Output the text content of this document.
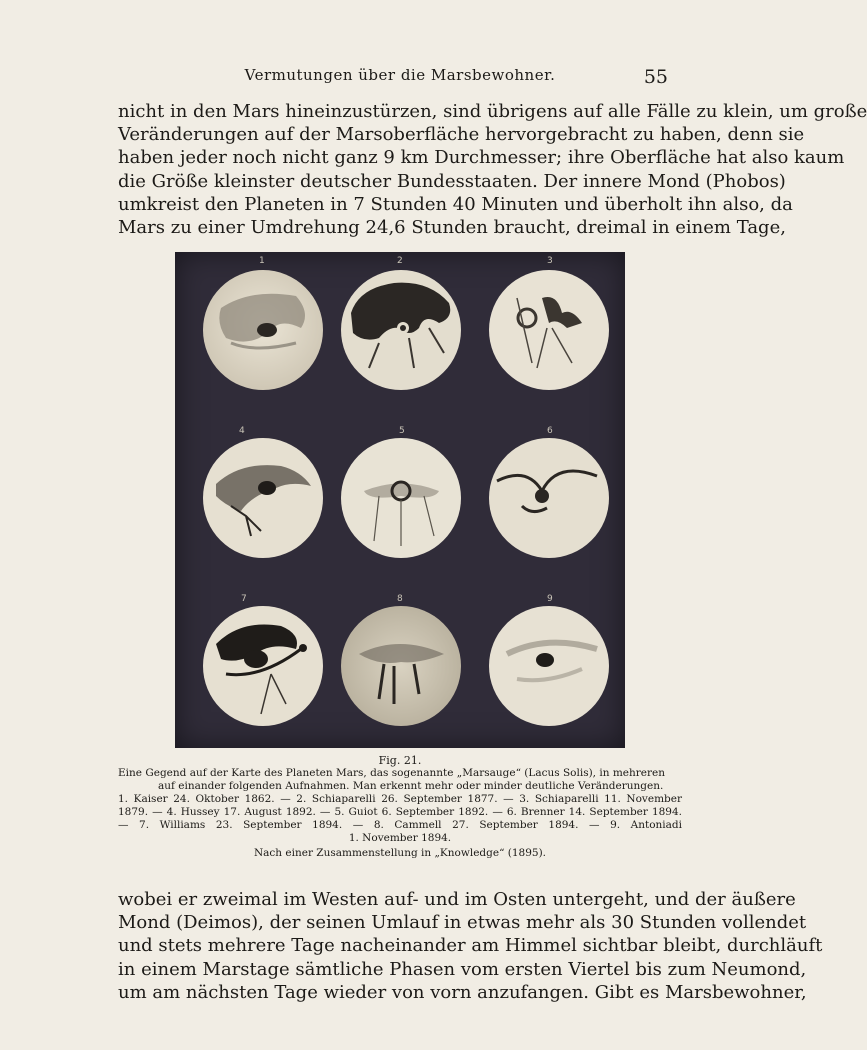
Vermutungen über die Marsbewohner.	55
nicht in den Mars hineinzustürzen, sind übrigens auf alle Fälle zu klein, um große
Veränderungen auf der Marsoberfläche hervorgebracht zu haben, denn sie
haben jeder noch nicht ganz 9 km Durchmesser; ihre Oberfläche hat also kaum
die Größe kleinster deutscher Bundesstaaten. Der innere Mond (Phobos)
umkreist den Planeten in 7 Stunden 40 Minuten und überholt ihn also, da
Mars zu einer Umdrehung 24,6 Stunden braucht, dreimal in einem Tage,
1	2	3
4	5	6
7	8	9
Fig. 21.
Eine Gegend auf der Karte des Planeten Mars, das sogenannte „Marsauge“ (Lacus Solis), in mehreren
auf einander folgenden Aufnahmen. Man erkennt mehr oder minder deutliche Veränderungen.
1. Kaiser 24. Oktober 1862. — 2. Schiaparelli 26. September 1877. — 3. Schiaparelli 11. November
1879. — 4. Hussey 17. August 1892. — 5. Guiot 6. September 1892. — 6. Brenner 14. September 1894.
— 7. Williams 23. September 1894. — 8. Cammell 27. September 1894. — 9. Antoniadi
1. November 1894.
Nach einer Zusammenstellung in „Knowledge“ (1895).
wobei er zweimal im Westen auf- und im Osten untergeht, und der äußere
Mond (Deimos), der seinen Umlauf in etwas mehr als 30 Stunden vollendet
und stets mehrere Tage nacheinander am Himmel sichtbar bleibt, durchläuft
in einem Marstage sämtliche Phasen vom ersten Viertel bis zum Neumond,
um am nächsten Tage wieder von vorn anzufangen. Gibt es Marsbewohner,
